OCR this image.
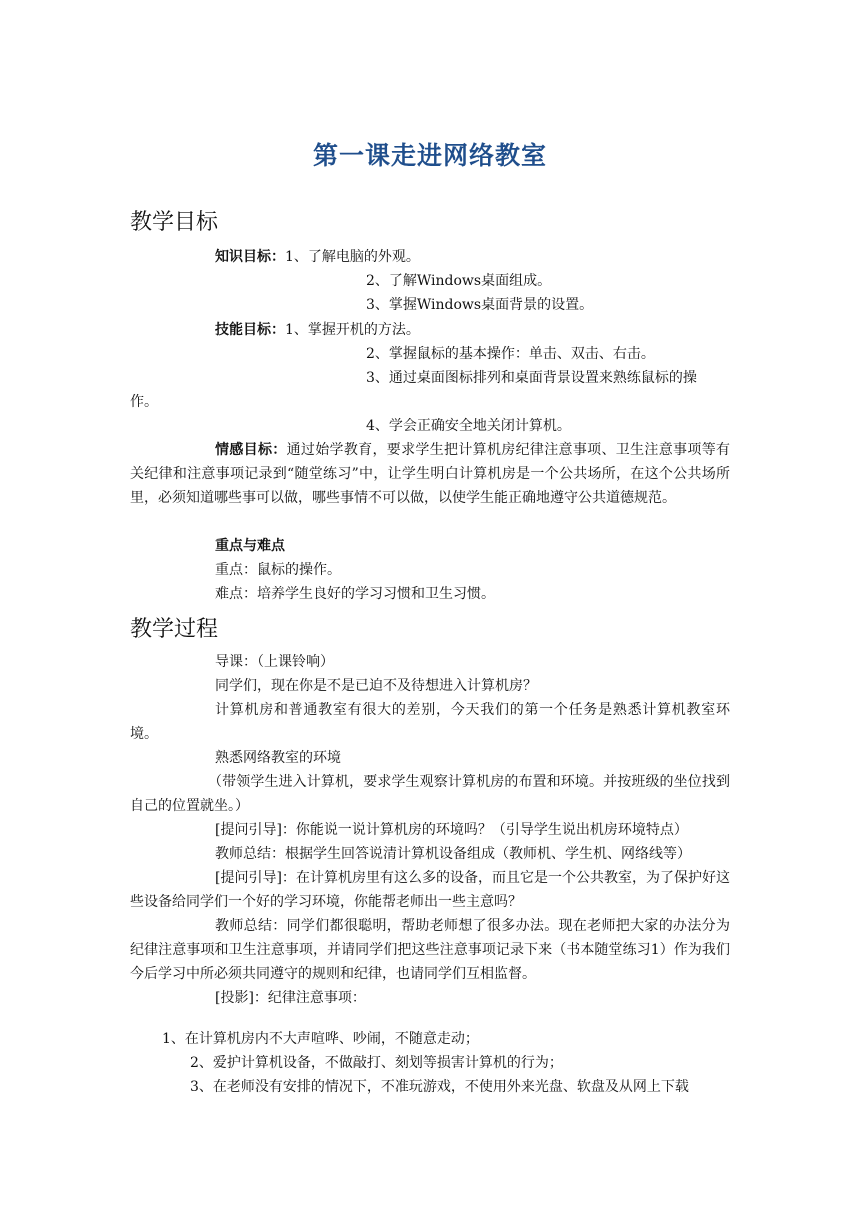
第一课走进网络教室
教学目标
知识目标：1、了解电脑的外观。
2、了解Windows桌面组成。
3、掌握Windows桌面背景的设置。
技能目标：1、掌握开机的方法。
2、掌握鼠标的基本操作：单击、双击、右击。
3、通过桌面图标排列和桌面背景设置来熟练鼠标的操
作。
4、学会正确安全地关闭计算机。
情感目标：通过始学教育，要求学生把计算机房纪律注意事项、卫生注意事项等有关纪律和注意事项记录到“随堂练习”中，让学生明白计算机房是一个公共场所，在这个公共场所里，必须知道哪些事可以做，哪些事情不可以做，以使学生能正确地遵守公共道德规范。
重点与难点
重点：鼠标的操作。
难点：培养学生良好的学习习惯和卫生习惯。
教学过程
导课：（上课铃响）
同学们，现在你是不是已迫不及待想进入计算机房？
计算机房和普通教室有很大的差别，今天我们的第一个任务是熟悉计算机教室环境。
熟悉网络教室的环境
（带领学生进入计算机，要求学生观察计算机房的布置和环境。并按班级的坐位找到自己的位置就坐。）
[提问引导]：你能说一说计算机房的环境吗？（引导学生说出机房环境特点）
教师总结：根据学生回答说清计算机设备组成（教师机、学生机、网络线等）
[提问引导]：在计算机房里有这么多的设备，而且它是一个公共教室，为了保护好这些设备给同学们一个好的学习环境，你能帮老师出一些主意吗？
教师总结：同学们都很聪明，帮助老师想了很多办法。现在老师把大家的办法分为纪律注意事项和卫生注意事项，并请同学们把这些注意事项记录下来（书本随堂练习1）作为我们今后学习中所必须共同遵守的规则和纪律，也请同学们互相监督。
[投影]：纪律注意事项：
1、在计算机房内不大声喧哗、吵闹，不随意走动；
2、爱护计算机设备，不做敲打、刻划等损害计算机的行为；
3、在老师没有安排的情况下，不准玩游戏，不使用外来光盘、软盘及从网上下载
